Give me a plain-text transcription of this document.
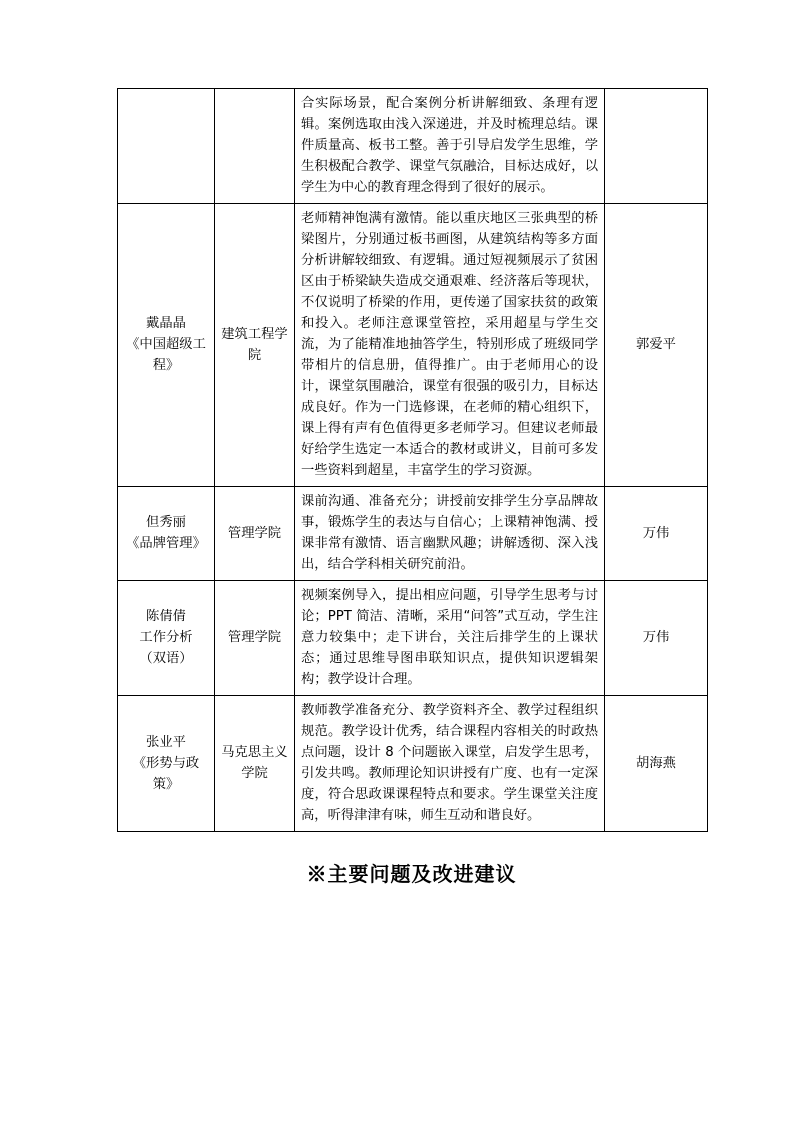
		合实际场景，配合案例分析讲解细致、条理有逻辑。案例选取由浅入深递进，并及时梳理总结。课件质量高、板书工整。善于引导启发学生思维，学生积极配合教学、课堂气氛融洽，目标达成好，以学生为中心的教育理念得到了很好的展示。	

戴晶晶
《中国超级工程》	建筑工程学院	老师精神饱满有激情。能以重庆地区三张典型的桥梁图片，分别通过板书画图，从建筑结构等多方面分析讲解较细致、有逻辑。通过短视频展示了贫困区由于桥梁缺失造成交通艰难、经济落后等现状，不仅说明了桥梁的作用，更传递了国家扶贫的政策和投入。老师注意课堂管控，采用超星与学生交流，为了能精准地抽答学生，特别形成了班级同学带相片的信息册，值得推广。由于老师用心的设计，课堂氛围融洽，课堂有很强的吸引力，目标达成良好。作为一门选修课，在老师的精心组织下，课上得有声有色值得更多老师学习。但建议老师最好给学生选定一本适合的教材或讲义，目前可多发一些资料到超星，丰富学生的学习资源。	郭爱平

但秀丽
《品牌管理》	管理学院	课前沟通、准备充分；讲授前安排学生分享品牌故事，锻炼学生的表达与自信心；上课精神饱满、授课非常有激情、语言幽默风趣；讲解透彻、深入浅出，结合学科相关研究前沿。	万伟

陈倩倩
工作分析
（双语）	管理学院	视频案例导入，提出相应问题，引导学生思考与讨论；PPT 简洁、清晰，采用“问答”式互动，学生注意力较集中；走下讲台，关注后排学生的上课状态；通过思维导图串联知识点，提供知识逻辑架构；教学设计合理。	万伟

张业平
《形势与政策》	马克思主义学院	教师教学准备充分、教学资料齐全、教学过程组织规范。教学设计优秀，结合课程内容相关的时政热点问题，设计 8 个问题嵌入课堂，启发学生思考，引发共鸣。教师理论知识讲授有广度、也有一定深度，符合思政课课程特点和要求。学生课堂关注度高，听得津津有味，师生互动和谐良好。	胡海燕
※主要问题及改进建议
